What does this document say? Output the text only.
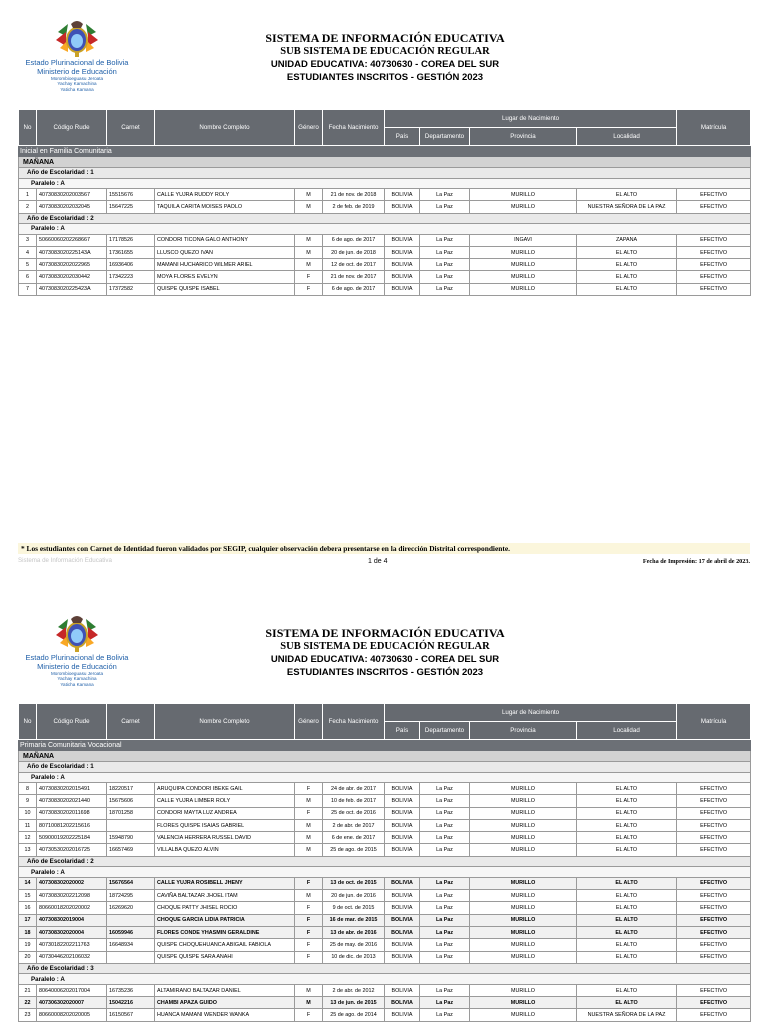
Estado Plurinacional de Bolivia
Ministerio de Educación
Morombioeguasu Jeroata
Yachay Kamachina
Yaticha Kamana
SISTEMA DE INFORMACIÓN EDUCATIVA
SUB SISTEMA DE EDUCACIÓN REGULAR
UNIDAD EDUCATIVA: 40730630 - COREA DEL SUR
ESTUDIANTES INSCRITOS - GESTIÓN 2023
No	Código Rude	Carnet	Nombre Completo	Género	Fecha Nacimiento	Lugar de Nacimiento				Matrícula
						País	Departamento	Provincia	Localidad	
Inicial en Familia Comunitaria										
MAÑANA										
Año de Escolaridad : 1										
Paralelo : A										
1	40730830202003567	15515676	CALLE YUJRA RUDDY ROLY	M	21 de nov. de 2018	BOLIVIA	La Paz	MURILLO	EL ALTO	EFECTIVO
2	40730830202032045	15647225	TAQUILA CARITA MOISES PAOLO	M	2 de feb. de 2019	BOLIVIA	La Paz	MURILLO	NUESTRA SEÑORA DE LA PAZ	EFECTIVO
Año de Escolaridad : 2										
Paralelo : A										
3	50660060202268667	17178526	CONDORI TICONA GALO ANTHONY	M	6 de ago. de 2017	BOLIVIA	La Paz	INGAVI	ZAPANA	EFECTIVO
4	4073083020225143A	17361655	LLUSCO QUEZO IVAN	M	20 de jun. de 2018	BOLIVIA	La Paz	MURILLO	EL ALTO	EFECTIVO
5	40730830202022965	16936406	MAMANI HUCHARICO WILMER ARIEL	M	12 de oct. de 2017	BOLIVIA	La Paz	MURILLO	EL ALTO	EFECTIVO
6	40730830202030442	17342223	MOYA FLORES EVELYN	F	21 de nov. de 2017	BOLIVIA	La Paz	MURILLO	EL ALTO	EFECTIVO
7	4073083020225423A	17372582	QUISPE QUISPE ISABEL	F	6 de ago. de 2017	BOLIVIA	La Paz	MURILLO	EL ALTO	EFECTIVO
* Los estudiantes con Carnet de Identidad fueron validados por SEGIP, cualquier observación debera presentarse en la dirección Distrital correspondiente.
Sistema de Información Educativa	1 de 4	Fecha de Impresión: 17 de abril de 2023.
Estado Plurinacional de Bolivia
Ministerio de Educación
Morombioeguasu Jeroata
Yachay Kamachina
Yaticha Kamana
SISTEMA DE INFORMACIÓN EDUCATIVA
SUB SISTEMA DE EDUCACIÓN REGULAR
UNIDAD EDUCATIVA: 40730630 - COREA DEL SUR
ESTUDIANTES INSCRITOS - GESTIÓN 2023
No	Código Rude	Carnet	Nombre Completo	Género	Fecha Nacimiento	Lugar de Nacimiento				Matrícula
						País	Departamento	Provincia	Localidad	
Primaria Comunitaria Vocacional										
MAÑANA										
Año de Escolaridad : 1										
Paralelo : A										
8	40730830202015491	18220517	ARUQUIPA CONDORI IBEKE GAIL	F	24 de abr. de 2017	BOLIVIA	La Paz	MURILLO	EL ALTO	EFECTIVO
9	40730830202021440	15675606	CALLE YUJRA LIMBER ROLY	M	10 de feb. de 2017	BOLIVIA	La Paz	MURILLO	EL ALTO	EFECTIVO
10	40730830202011698	18701258	CONDORI MAYTA LUZ ANDREA	F	25 de oct. de 2016	BOLIVIA	La Paz	MURILLO	EL ALTO	EFECTIVO
11	80710081202215616		FLORES QUISPE ISAIAS GABRIEL	M	2 de abr. de 2017	BOLIVIA	La Paz	MURILLO	EL ALTO	EFECTIVO
12	50900019202225184	15948790	VALENCIA HERRERA RUSSEL DAVID	M	6 de ene. de 2017	BOLIVIA	La Paz	MURILLO	EL ALTO	EFECTIVO
13	40730530202016725	16657469	VILLALBA QUEZO ALVIN	M	25 de ago. de 2015	BOLIVIA	La Paz	MURILLO	EL ALTO	EFECTIVO
Año de Escolaridad : 2										
Paralelo : A										
14	407308302020002	15676564	CALLE YUJRA ROSIBELL JHENY	F	13 de oct. de 2015	BOLIVIA	La Paz	MURILLO	EL ALTO	EFECTIVO
15	40730830202212098	18724295	CAVIÑA BALTAZAR JHOEL ITAM	M	20 de jun. de 2016	BOLIVIA	La Paz	MURILLO	EL ALTO	EFECTIVO
16	80660018202020002	16269620	CHOQUE PATTY JHISEL ROCIO	F	9 de oct. de 2015	BOLIVIA	La Paz	MURILLO	EL ALTO	EFECTIVO
17	407308302019004		CHOQUE GARCIA LIDIA PATRICIA	F	16 de mar. de 2015	BOLIVIA	La Paz	MURILLO	EL ALTO	EFECTIVO
18	407308302020004	16059946	FLORES CONDE YHASMIN GERALDINE	F	13 de abr. de 2016	BOLIVIA	La Paz	MURILLO	EL ALTO	EFECTIVO
19	40730182202211763	16648934	QUISPE CHOQUEHUANCA ABIGAIL FABIOLA	F	25 de may. de 2016	BOLIVIA	La Paz	MURILLO	EL ALTO	EFECTIVO
20	40730446202106032		QUISPE QUISPE SARA ANAHI	F	10 de dic. de 2013	BOLIVIA	La Paz	MURILLO	EL ALTO	EFECTIVO
Año de Escolaridad : 3										
Paralelo : A										
21	80640006202017004	16735236	ALTAMIRANO BALTAZAR DANIEL	M	2 de abr. de 2012	BOLIVIA	La Paz	MURILLO	EL ALTO	EFECTIVO
22	407306302020007	15042216	CHAMBI APAZA GUIDO	M	13 de jun. de 2015	BOLIVIA	La Paz	MURILLO	EL ALTO	EFECTIVO
23	80660008202020005	16150567	HUANCA MAMANI WENDER WANKA	F	25 de ago. de 2014	BOLIVIA	La Paz	MURILLO	NUESTRA SEÑORA DE LA PAZ	EFECTIVO
